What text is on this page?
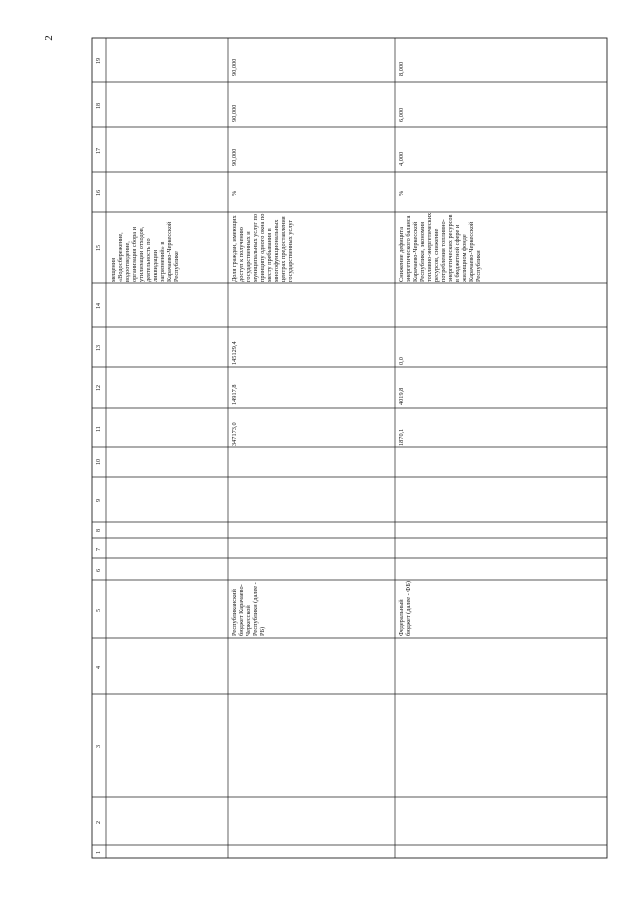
2
1
2
3
4
5
6
7
8
9
10
11
12
13
14
15
16
17
18
19
мещения «Водосбережение, водоотведение, организация сбора и утилизации отходов, деятельность по ликвидации загрязнений» в Карачаево-Черкесской Республике
Республиканский бюджет Карачаево-Черкесской Республики (далее - РБ)
347173,0
14917,8
145129,4
Доля граждан, имеющих доступ к получению государственных и муниципальных услуг по принципу одного окна по месту пребывания в многофункциональных центрах предоставления государственных услуг
%
90,000
90,000
90,000
Федеральный бюджет (далее - ФБ)
1870,1
4019,8
0,0
Снижение дефицита энергетического баланса Карачаево-Черкесской Республики, экономия топливно-энергетических ресурсов, снижение потребления топливно-энергетических ресурсов в бюджетной сфере и жилищном фонде Карачаево-Черкесской Республики
%
4,000
6,000
8,000
